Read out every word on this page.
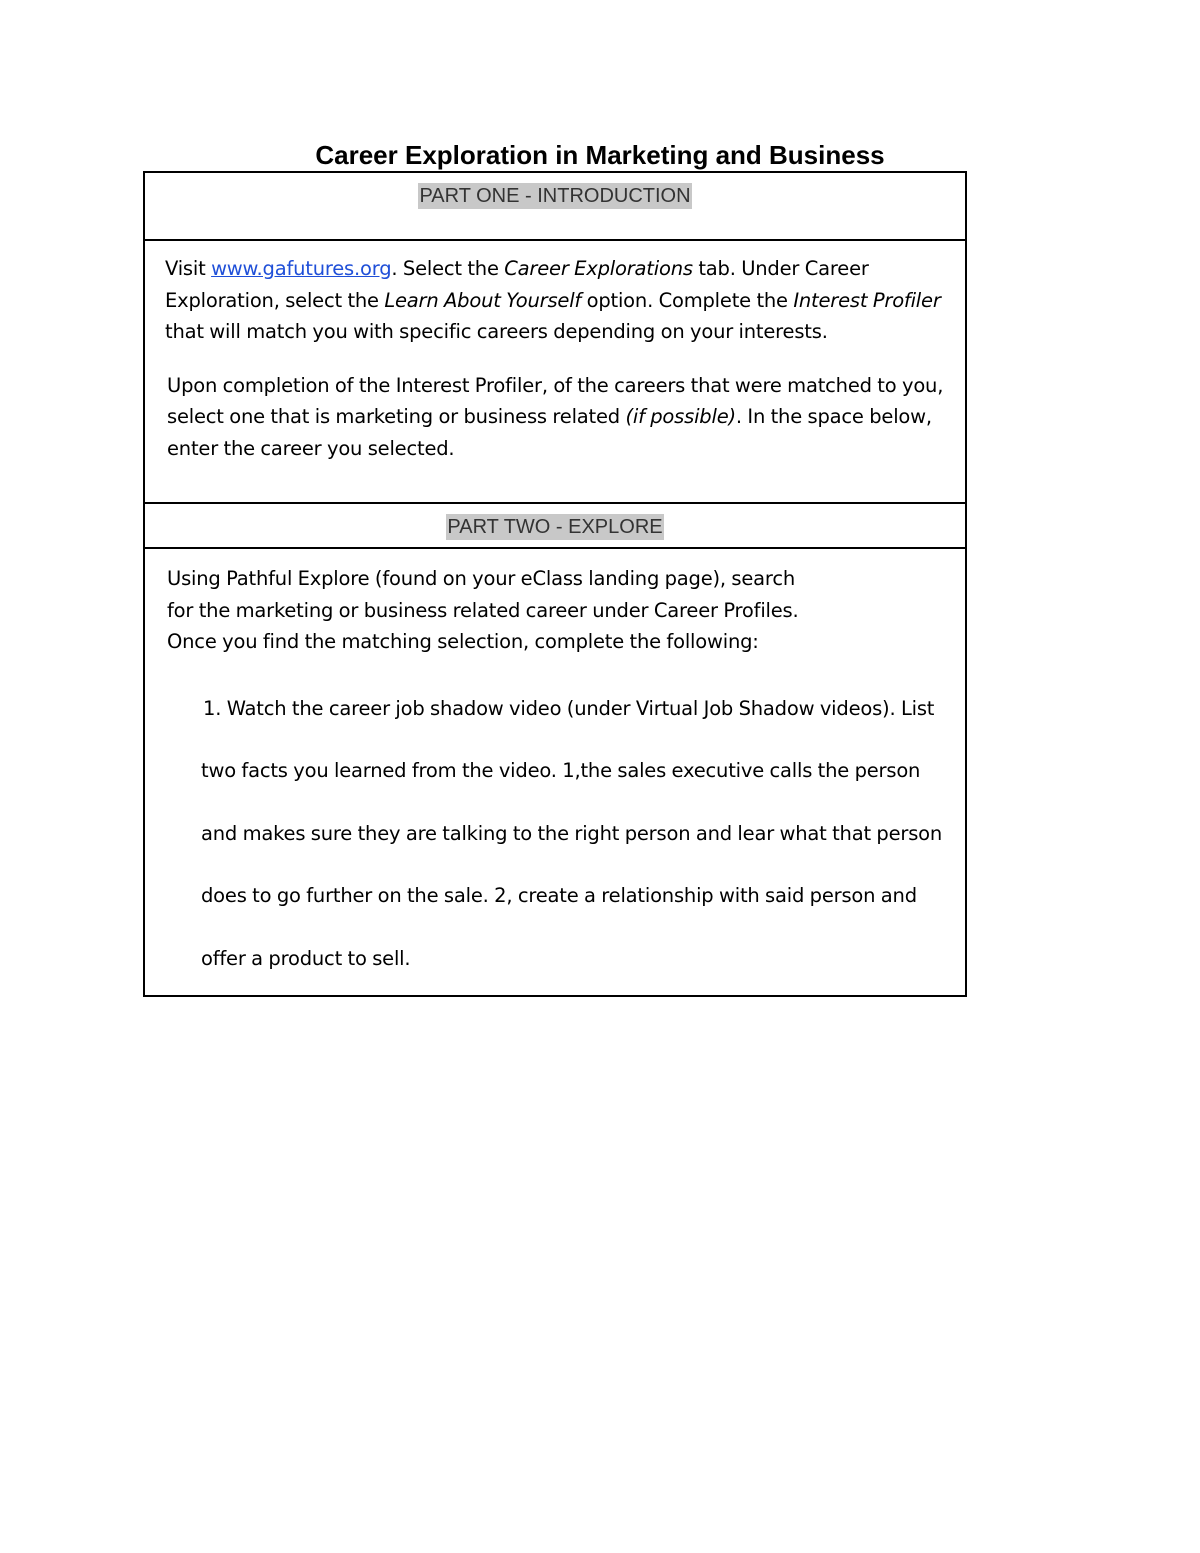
Career Exploration in Marketing and Business
PART ONE - INTRODUCTION

Visit www.gafutures.org. Select the Career Explorations tab. Under Career Exploration, select the Learn About Yourself option. Complete the Interest Profiler that will match you with specific careers depending on your interests.

Upon completion of the Interest Profiler, of the careers that were matched to you, select one that is marketing or business related (if possible). In the space below, enter the career you selected.

PART TWO - EXPLORE

Using Pathful Explore (found on your eClass landing page), search

for the marketing or business related career under Career Profiles.

Once you find the matching selection, complete the following:

1. Watch the career job shadow video (under Virtual Job Shadow videos). List two facts you learned from the video. 1,the sales executive calls the person and makes sure they are talking to the right person and lear what that person does to go further on the sale. 2, create a relationship with said person and offer a product to sell.
